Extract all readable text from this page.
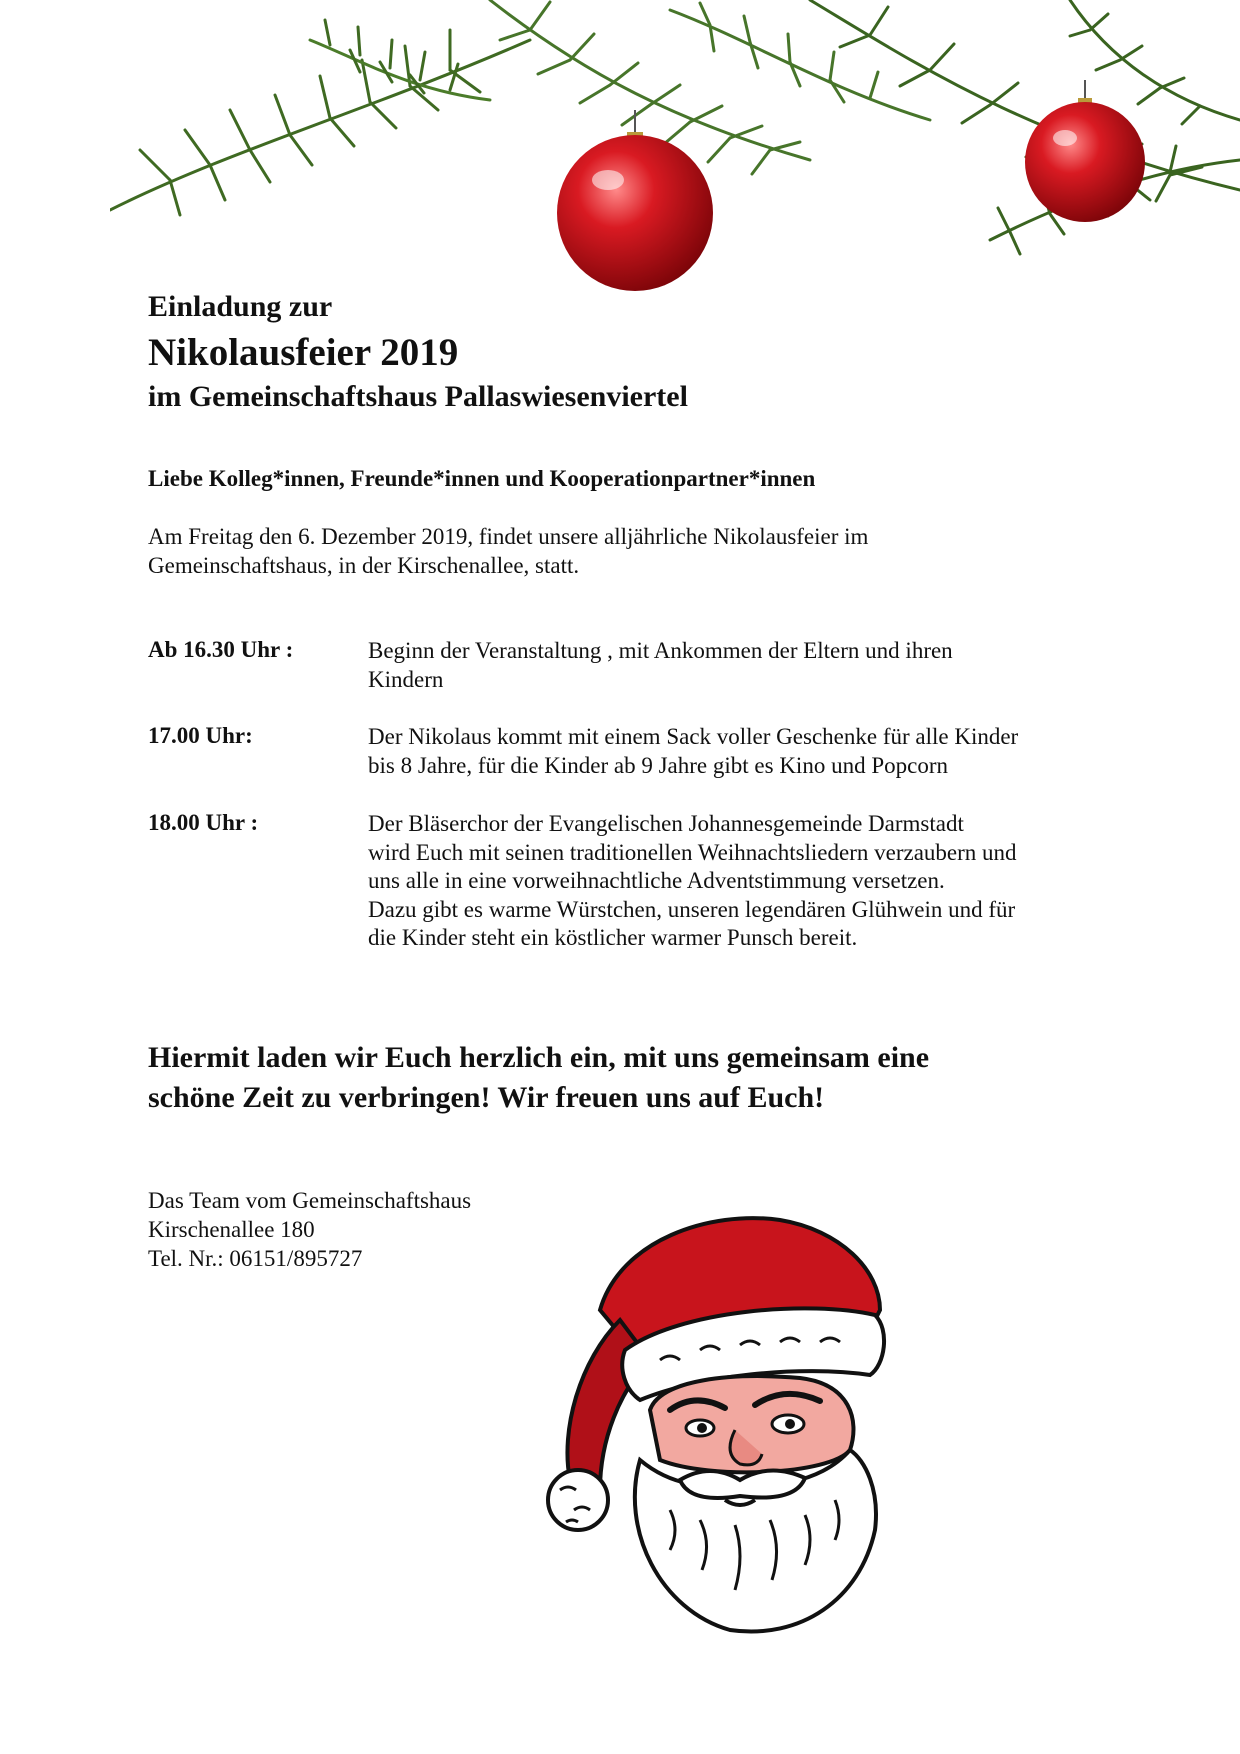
Einladung zur
Nikolausfeier 2019
im Gemeinschaftshaus Pallaswiesenviertel
Liebe Kolleg*innen, Freunde*innen und Kooperationpartner*innen
Am Freitag den 6. Dezember 2019, findet unsere alljährliche Nikolausfeier im
Gemeinschaftshaus, in der Kirschenallee, statt.
Ab 16.30 Uhr :	Beginn der Veranstaltung , mit Ankommen der Eltern und ihren
Kindern
17.00 Uhr:	Der Nikolaus kommt mit einem Sack voller Geschenke für alle Kinder
bis 8 Jahre, für die Kinder ab 9 Jahre gibt es Kino und Popcorn
18.00 Uhr :	Der Bläserchor der Evangelischen Johannesgemeinde Darmstadt
wird Euch mit seinen traditionellen Weihnachtsliedern verzaubern und
uns alle in eine vorweihnachtliche Adventstimmung versetzen.
Dazu gibt es warme Würstchen, unseren legendären Glühwein und für
die Kinder steht ein köstlicher warmer Punsch bereit.
Hiermit laden wir Euch herzlich ein, mit uns gemeinsam eine
schöne Zeit zu verbringen! Wir freuen uns auf Euch!
Das Team vom Gemeinschaftshaus
Kirschenallee 180
Tel. Nr.: 06151/895727
